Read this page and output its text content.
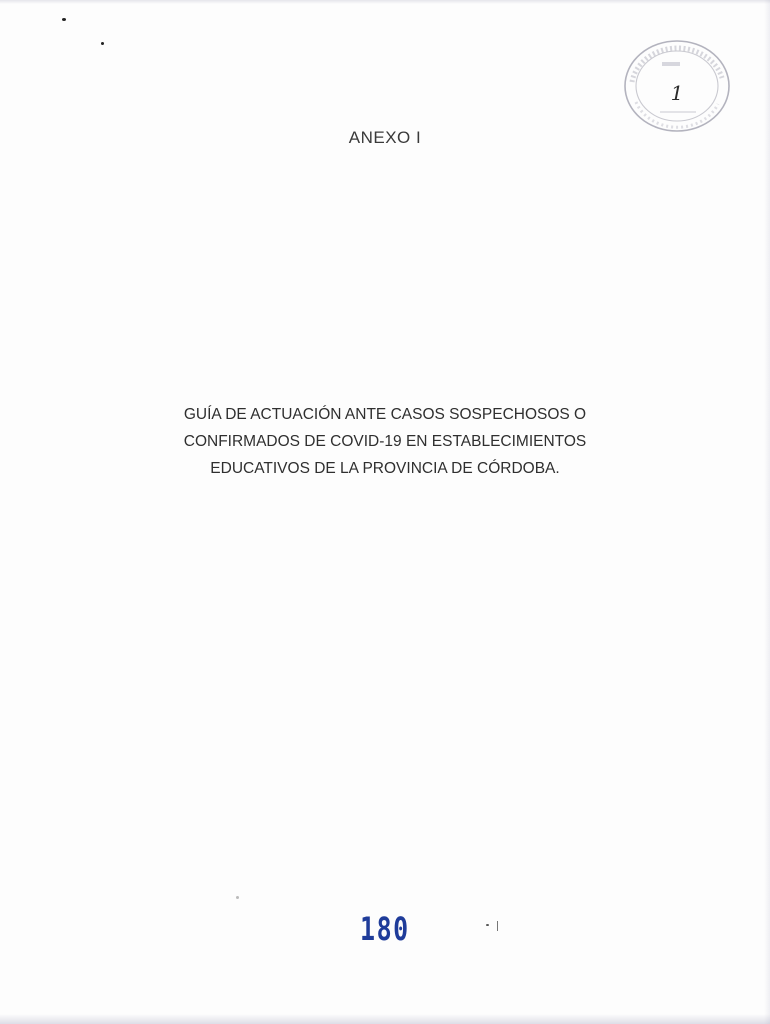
1
ANEXO I
GUÍA DE ACTUACIÓN ANTE CASOS SOSPECHOSOS O
CONFIRMADOS DE COVID-19 EN ESTABLECIMIENTOS
EDUCATIVOS DE LA PROVINCIA DE CÓRDOBA.
180
